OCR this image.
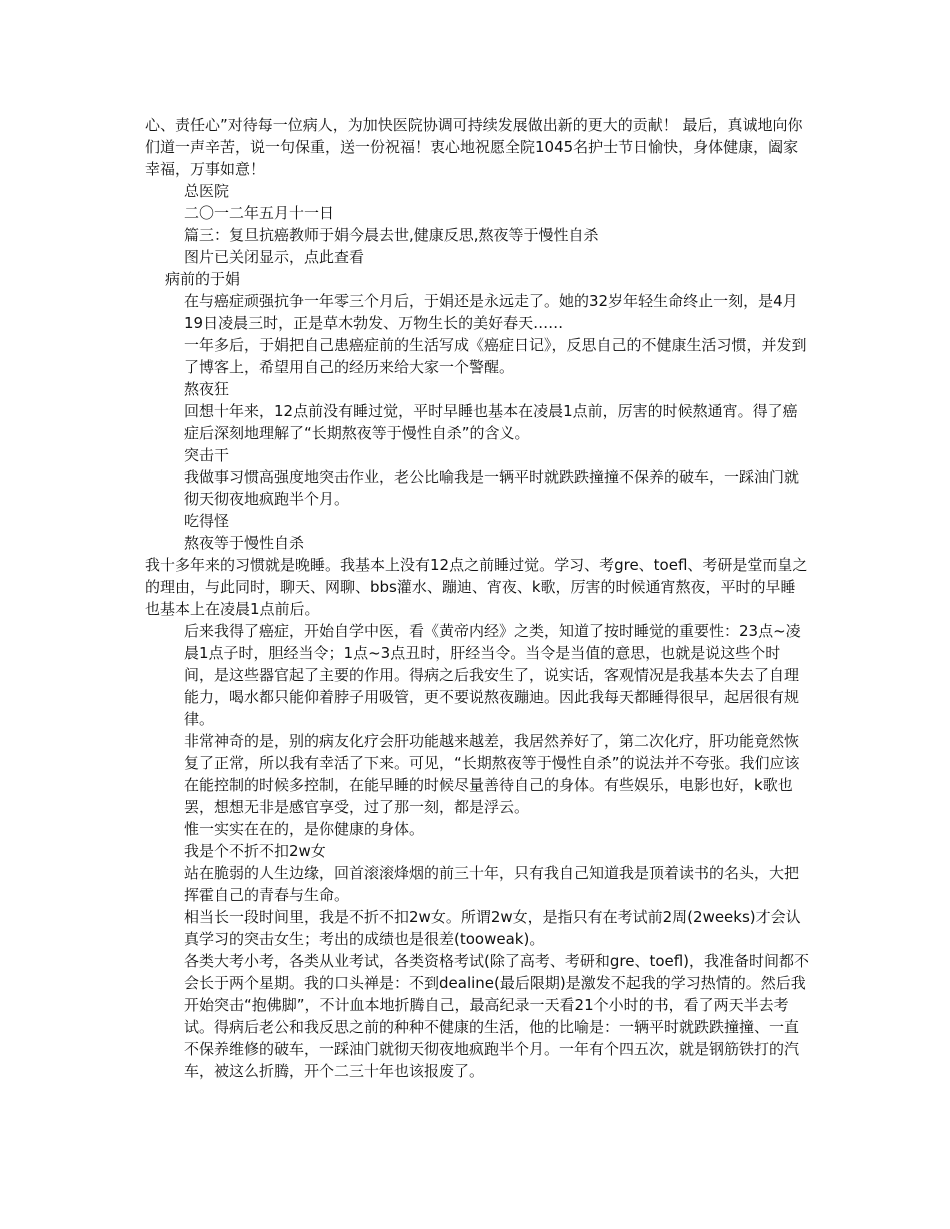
心、责任心”对待每一位病人，为加快医院协调可持续发展做出新的更大的贡献！ 最后，真诚地向你们道一声辛苦，说一句保重，送一份祝福！衷心地祝愿全院1045名护士节日愉快，身体健康，阖家幸福，万事如意！

总医院

二〇一二年五月十一日

篇三：复旦抗癌教师于娟今晨去世,健康反思,熬夜等于慢性自杀

图片已关闭显示，点此查看

病前的于娟

在与癌症顽强抗争一年零三个月后，于娟还是永远走了。她的32岁年轻生命终止一刻，是4月19日凌晨三时，正是草木勃发、万物生长的美好春天……

一年多后，于娟把自己患癌症前的生活写成《癌症日记》，反思自己的不健康生活习惯，并发到了博客上，希望用自己的经历来给大家一个警醒。

熬夜狂

回想十年来，12点前没有睡过觉，平时早睡也基本在凌晨1点前，厉害的时候熬通宵。得了癌症后深刻地理解了“长期熬夜等于慢性自杀”的含义。

突击干

我做事习惯高强度地突击作业，老公比喻我是一辆平时就跌跌撞撞不保养的破车，一踩油门就彻天彻夜地疯跑半个月。

吃得怪

熬夜等于慢性自杀

我十多年来的习惯就是晚睡。我基本上没有12点之前睡过觉。学习、考gre、toefl、考研是堂而皇之的理由，与此同时，聊天、网聊、bbs灌水、蹦迪、宵夜、k歌，厉害的时候通宵熬夜，平时的早睡也基本上在凌晨1点前后。

后来我得了癌症，开始自学中医，看《黄帝内经》之类，知道了按时睡觉的重要性：23点~凌晨1点子时，胆经当令；1点~3点丑时，肝经当令。当令是当值的意思，也就是说这些个时间，是这些器官起了主要的作用。得病之后我安生了，说实话，客观情况是我基本失去了自理能力，喝水都只能仰着脖子用吸管，更不要说熬夜蹦迪。因此我每天都睡得很早，起居很有规律。

非常神奇的是，别的病友化疗会肝功能越来越差，我居然养好了，第二次化疗，肝功能竟然恢复了正常，所以我有幸活了下来。可见，“长期熬夜等于慢性自杀”的说法并不夸张。我们应该在能控制的时候多控制，在能早睡的时候尽量善待自己的身体。有些娱乐，电影也好，k歌也罢，想想无非是感官享受，过了那一刻，都是浮云。

惟一实实在在的，是你健康的身体。

我是个不折不扣2w女

站在脆弱的人生边缘，回首滚滚烽烟的前三十年，只有我自己知道我是顶着读书的名头，大把挥霍自己的青春与生命。

相当长一段时间里，我是不折不扣2w女。所谓2w女，是指只有在考试前2周(2weeks)才会认真学习的突击女生；考出的成绩也是很差(tooweak)。

各类大考小考，各类从业考试，各类资格考试(除了高考、考研和gre、toefl)，我准备时间都不会长于两个星期。我的口头禅是：不到dealine(最后限期)是激发不起我的学习热情的。然后我开始突击“抱佛脚”，不计血本地折腾自己，最高纪录一天看21个小时的书，看了两天半去考试。得病后老公和我反思之前的种种不健康的生活，他的比喻是：一辆平时就跌跌撞撞、一直不保养维修的破车，一踩油门就彻天彻夜地疯跑半个月。一年有个四五次，就是钢筋铁打的汽车，被这么折腾，开个二三十年也该报废了。
